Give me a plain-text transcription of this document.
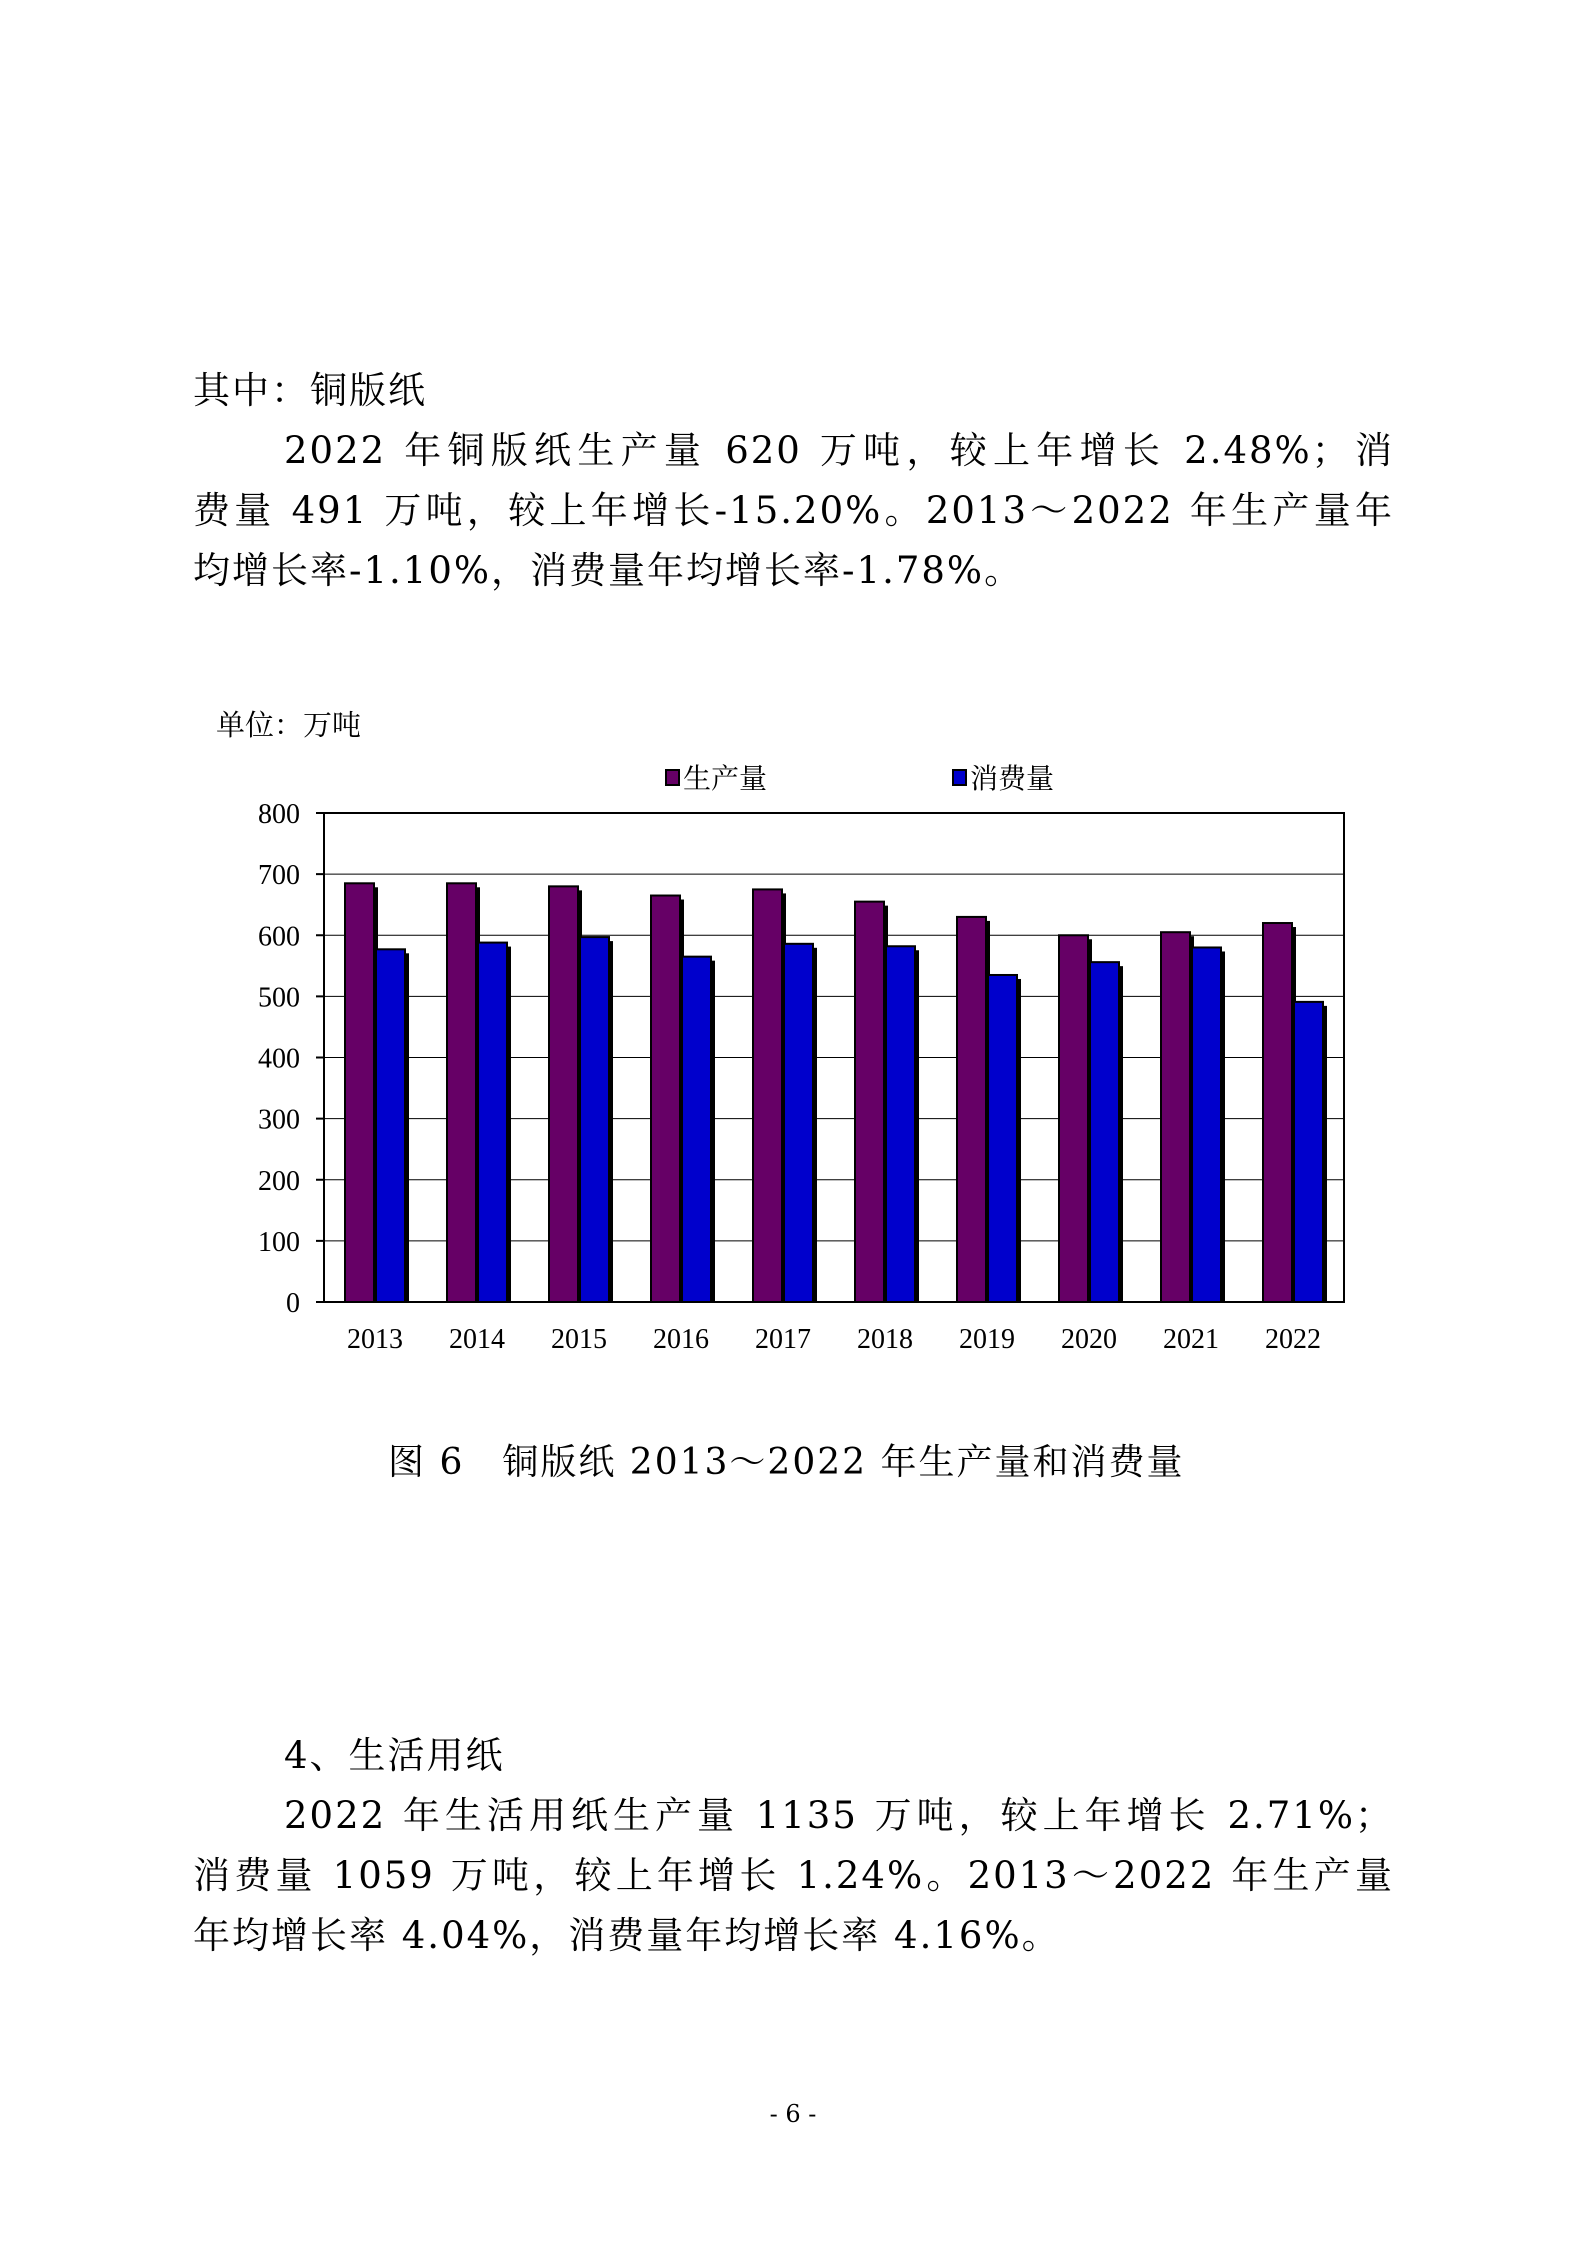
其中：铜版纸
2022 年铜版纸生产量 620 万吨，较上年增长 2.48%；消
费量 491 万吨，较上年增长-15.20%。2013～2022 年生产量年
均增长率-1.10%，消费量年均增长率-1.78%。
单位：万吨
0
100
200
300
400
500
600
700
800
2013 2014 2015 2016 2017 2018 2019 2020 2021 2022
生产量	消费量
图 6　铜版纸 2013～2022 年生产量和消费量
4、生活用纸
2022 年生活用纸生产量 1135 万吨，较上年增长 2.71%；
消费量 1059 万吨，较上年增长 1.24%。2013～2022 年生产量
年均增长率 4.04%，消费量年均增长率 4.16%。
- 6 -
